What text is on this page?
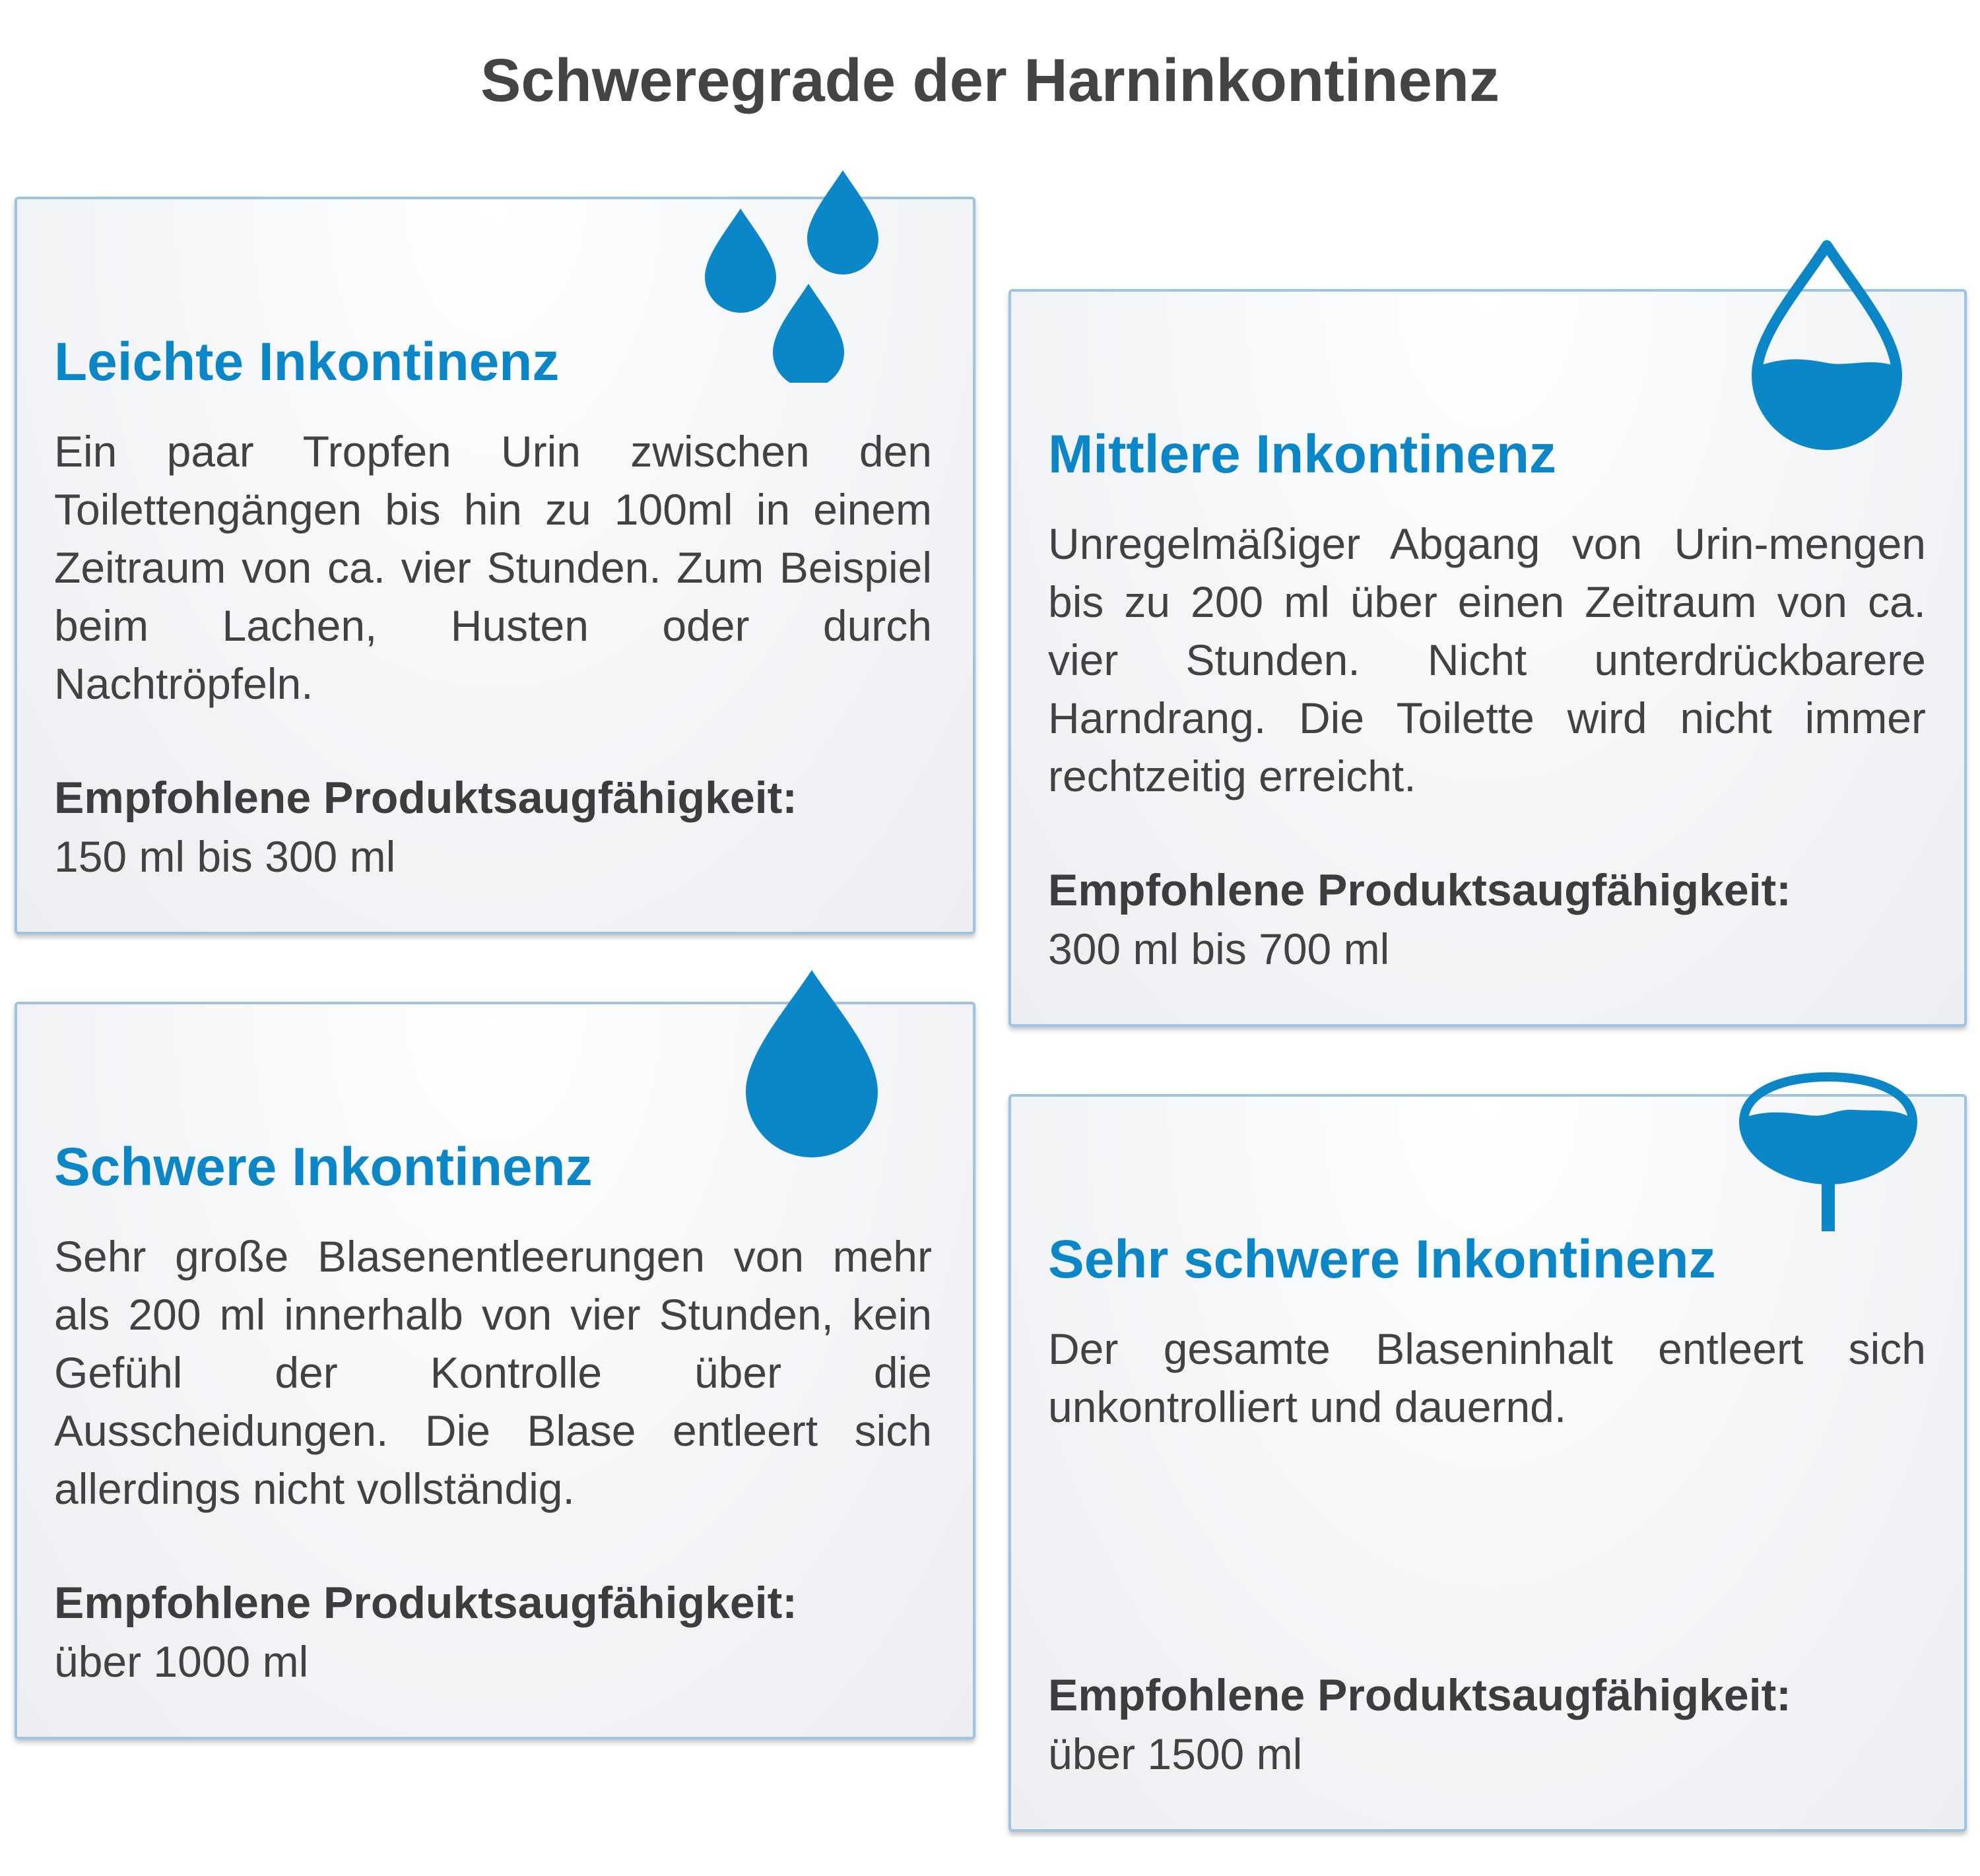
Schweregrade der Harninkontinenz
Leichte Inkontinenz

Ein paar Tropfen Urin zwischen den Toilettengängen bis hin zu 100ml in einem Zeitraum von ca. vier Stunden. Zum Beispiel beim Lachen, Husten oder durch Nachtröpfeln.

Empfohlene Produktsaugfähigkeit:

150 ml bis 300 ml

Mittlere Inkontinenz

Unregelmäßiger Abgang von Urin-mengen bis zu 200 ml über einen Zeitraum von ca. vier Stunden. Nicht unterdrückbarere Harndrang. Die Toilette wird nicht immer rechtzeitig erreicht.

Empfohlene Produktsaugfähigkeit:

300 ml bis 700 ml

Schwere Inkontinenz

Sehr große Blasenentleerungen von mehr als 200 ml innerhalb von vier Stunden, kein Gefühl der Kontrolle über die Ausscheidungen. Die Blase entleert sich allerdings nicht vollständig.

Empfohlene Produktsaugfähigkeit:

über 1000 ml

Sehr schwere Inkontinenz

Der gesamte Blaseninhalt entleert sich unkontrolliert und dauernd.

Empfohlene Produktsaugfähigkeit:

über 1500 ml
